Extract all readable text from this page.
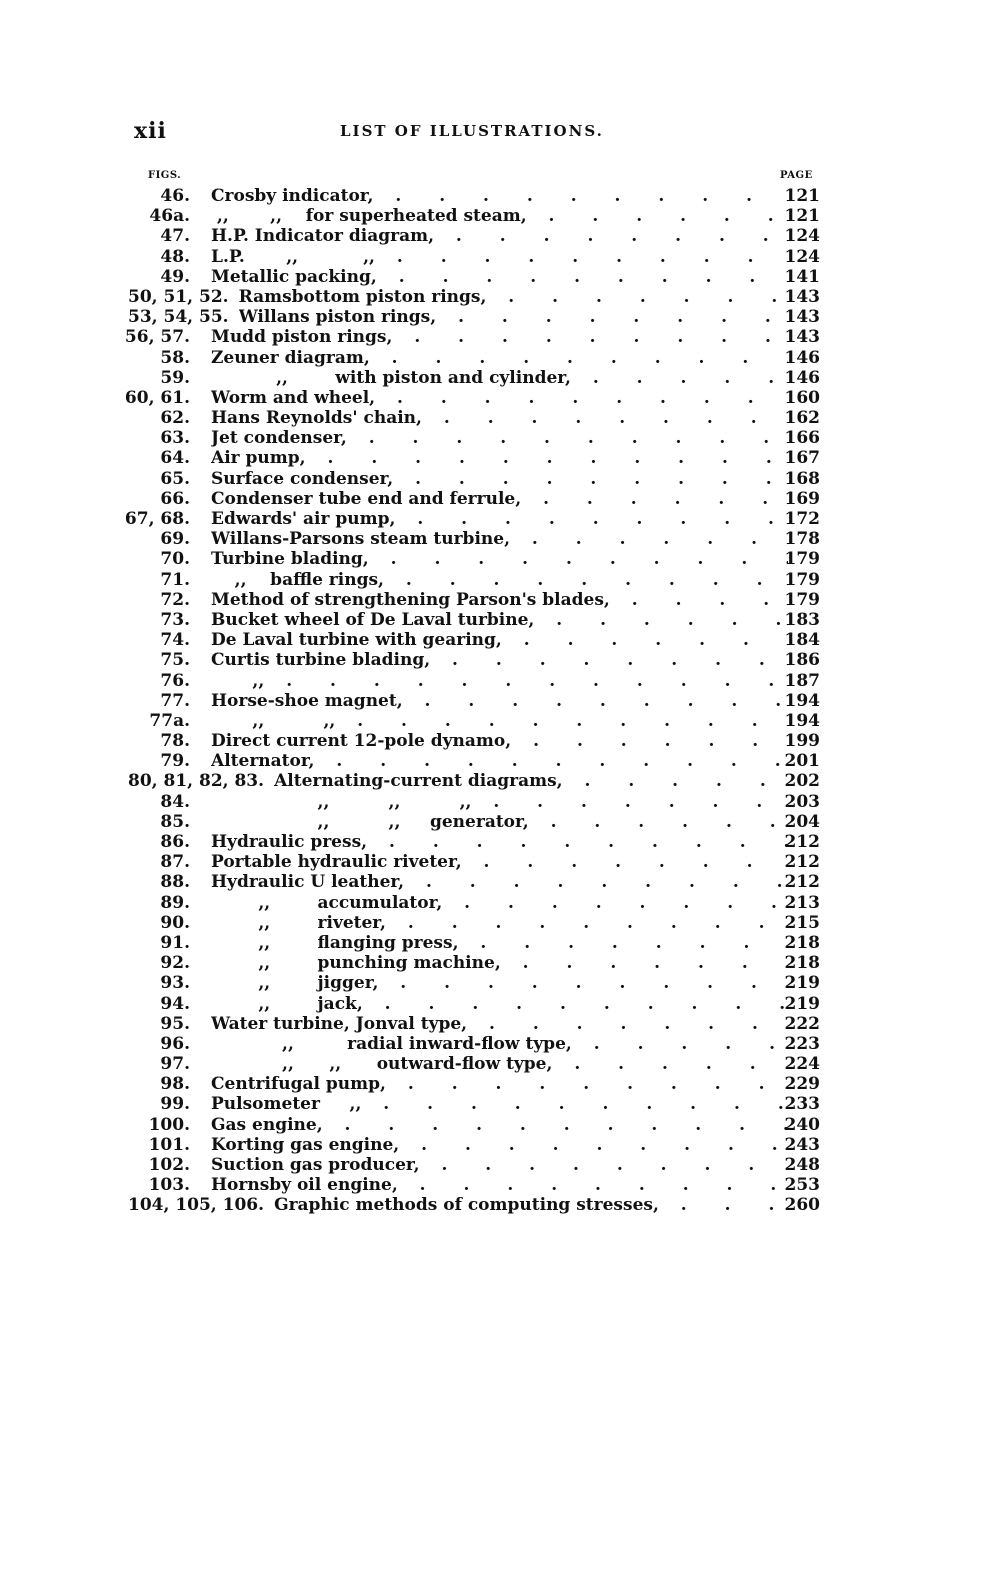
xii	LIST OF ILLUSTRATIONS.
FIGS.	PAGE
46. Crosby indicator, . . .	121
46a. ,,       ,,    for superheated steam, . . .	121
47. H.P. Indicator diagram, . . .	124
48. L.P.       ,,           ,, . . .	124
49. Metallic packing, . . .	141
50, 51, 52. Ramsbottom piston rings, . . .	143
53, 54, 55. Willans piston rings, . . .	143
56, 57. Mudd piston rings, . . .	143
58. Zeuner diagram, . . .	146
59. ,,        with piston and cylinder, . . .	146
60, 61. Worm and wheel, . . .	160
62. Hans Reynolds' chain, . . .	162
63. Jet condenser, . . .	166
64. Air pump, . . .	167
65. Surface condenser, . . .	168
66. Condenser tube end and ferrule, . . .	169
67, 68. Edwards' air pump, . . .	172
69. Willans-Parsons steam turbine, . . .	178
70. Turbine blading, . . .	179
71. ,,    baffle rings, . . .	179
72. Method of strengthening Parson's blades, . . .	179
73. Bucket wheel of De Laval turbine, . . .	183
74. De Laval turbine with gearing, . . .	184
75. Curtis turbine blading, . . .	186
76. ,, . . .	187
77. Horse-shoe magnet, . . .	194
77a. ,,          ,, . . .	194
78. Direct current 12-pole dynamo, . . .	199
79. Alternator, . . .	201
80, 81, 82, 83. Alternating-current diagrams, . . .	202
84. ,,          ,,          ,, . . .	203
85. ,,          ,,     generator, . . .	204
86. Hydraulic press, . . .	212
87. Portable hydraulic riveter, . . .	212
88. Hydraulic U leather, . . .	212
89. ,,        accumulator, . . .	213
90. ,,        riveter, . . .	215
91. ,,        flanging press, . . .	218
92. ,,        punching machine, . . .	218
93. ,,        jigger, . . .	219
94. ,,        jack, . . .	219
95. Water turbine, Jonval type, . . .	222
96. ,,         radial inward-flow type, . . .	223
97. ,,      ,,      outward-flow type, . . .	224
98. Centrifugal pump, . . .	229
99. Pulsometer     ,, . . .	233
100. Gas engine, . . .	240
101. Korting gas engine, . . .	243
102. Suction gas producer, . . .	248
103. Hornsby oil engine, . . .	253
104, 105, 106. Graphic methods of computing stresses, . . .	260
